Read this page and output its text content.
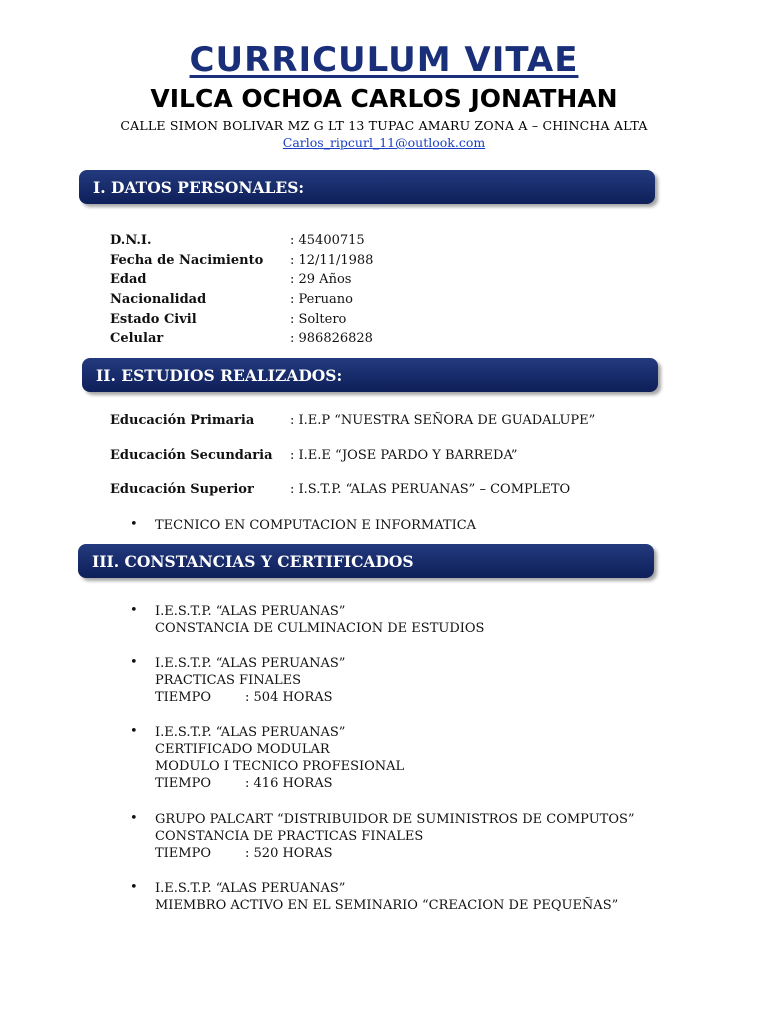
CURRICULUM VITAE
VILCA OCHOA CARLOS JONATHAN
CALLE SIMON BOLIVAR MZ G LT 13 TUPAC AMARU ZONA A – CHINCHA ALTA
Carlos_ripcurl_11@outlook.com
I. DATOS PERSONALES:
D.N.I.	: 45400715
Fecha de Nacimiento : 12/11/1988
Edad	: 29 Años
Nacionalidad	: Peruano
Estado Civil	: Soltero
Celular	: 986826828
II. ESTUDIOS REALIZADOS:
Educación Primaria	: I.E.P “NUESTRA SEÑORA DE GUADALUPE”
Educación Secundaria : I.E.E “JOSE PARDO Y BARREDA”
Educación Superior	: I.S.T.P. “ALAS PERUANAS” – COMPLETO
• TECNICO EN COMPUTACION E INFORMATICA
III. CONSTANCIAS Y CERTIFICADOS
• I.E.S.T.P. “ALAS PERUANAS”
CONSTANCIA DE CULMINACION DE ESTUDIOS
• I.E.S.T.P. “ALAS PERUANAS”
PRACTICAS FINALES
TIEMPO	: 504 HORAS
• I.E.S.T.P. “ALAS PERUANAS”
CERTIFICADO MODULAR
MODULO I TECNICO PROFESIONAL
TIEMPO	: 416 HORAS
• GRUPO PALCART “DISTRIBUIDOR DE SUMINISTROS DE COMPUTOS”
CONSTANCIA DE PRACTICAS FINALES
TIEMPO	: 520 HORAS
• I.E.S.T.P. “ALAS PERUANAS”
MIEMBRO ACTIVO EN EL SEMINARIO “CREACION DE PEQUEÑAS”
